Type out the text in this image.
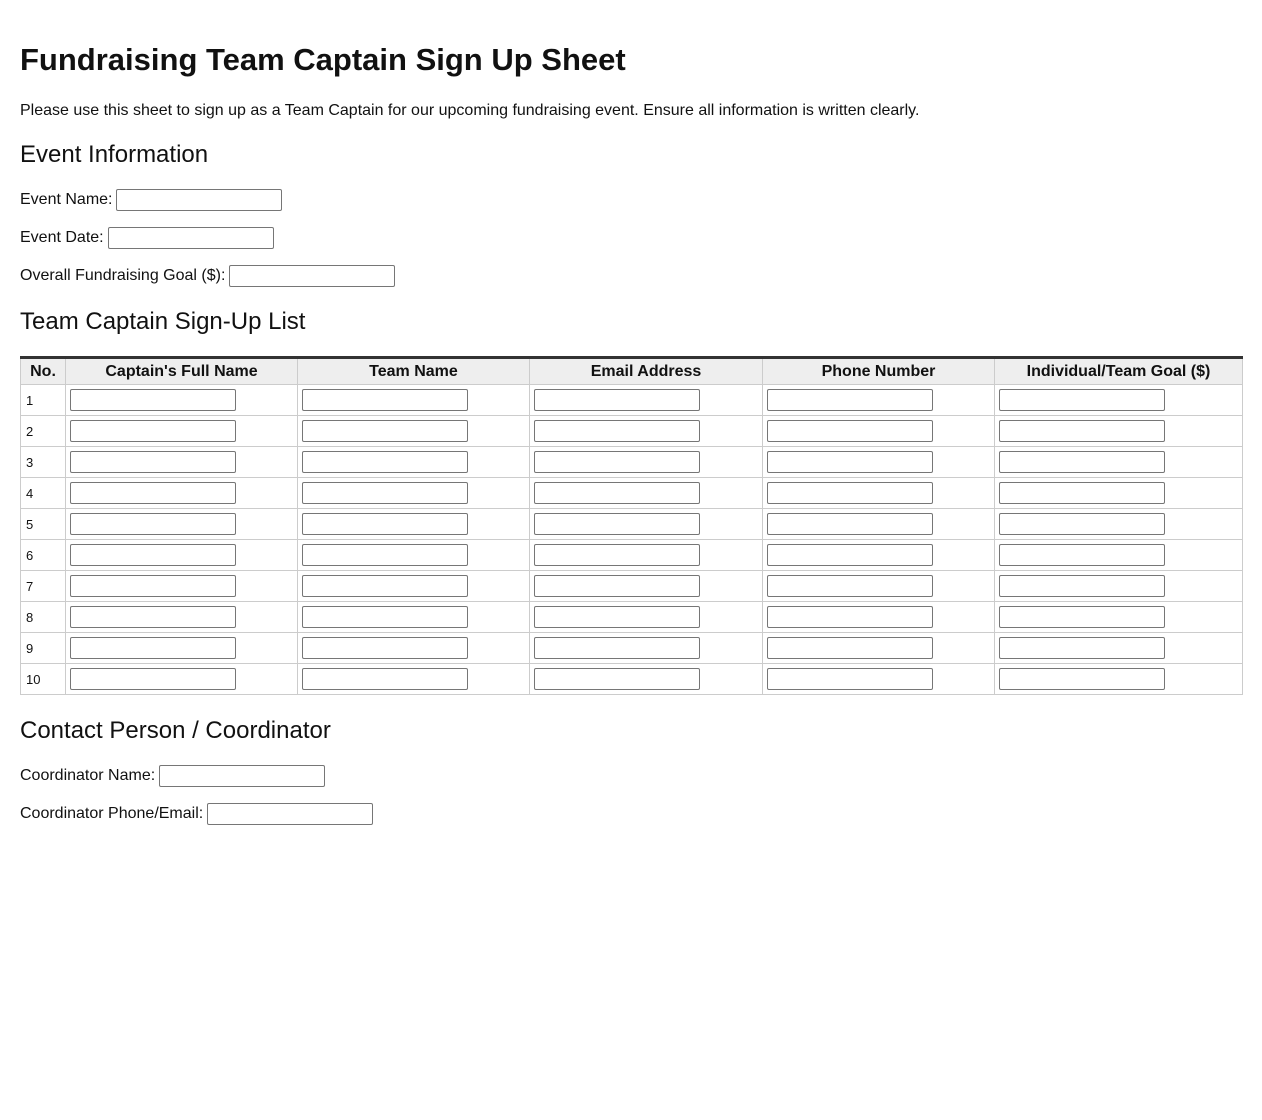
Fundraising Team Captain Sign Up Sheet
Please use this sheet to sign up as a Team Captain for our upcoming fundraising event. Ensure all information is written clearly.
Event Information
Event Name:
Event Date:
Overall Fundraising Goal ($):
Team Captain Sign-Up List
No.	Captain's Full Name	Team Name	Email Address	Phone Number	Individual/Team Goal ($)
1					
2					
3					
4					
5					
6					
7					
8					
9					
10					
Contact Person / Coordinator
Coordinator Name:
Coordinator Phone/Email:
